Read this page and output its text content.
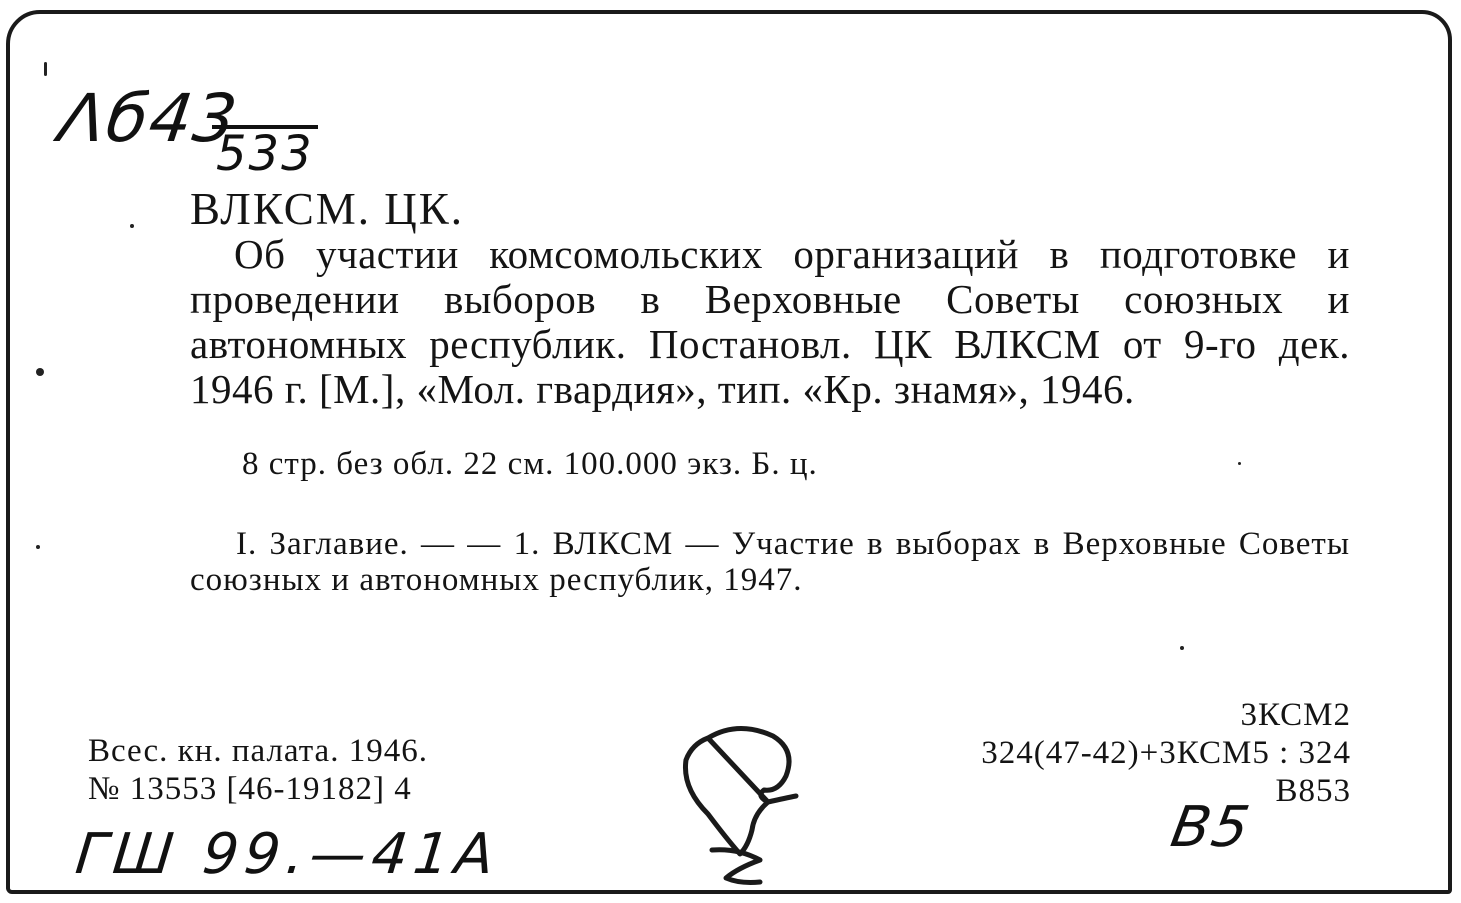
Λб43
533
ВЛКСМ. ЦК.

Об участии комсомольских организаций в подготовке и проведении выборов в Верховные Советы союзных и автономных республик. Постановл. ЦК ВЛКСМ от 9-го дек. 1946 г. [М.], «Мол. гвардия», тип. «Кр. знамя», 1946.

8 стр. без обл. 22 см. 100.000 экз. Б. ц.

I. Заглавие. — — 1. ВЛКСМ — Участие в выборах в Верховные Советы союзных и автономных республик, 1947.

Всес. кн. палата. 1946.
№ 13553 [46-19182] 4
3КСМ2
324(47-42)+3КСМ5 : 324
В853
ГШ 99.—41А	В5
